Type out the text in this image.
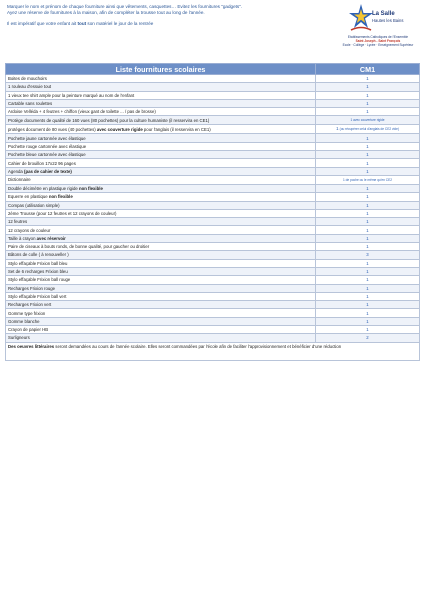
Marquer le nom et prénom de chaque fourniture ainsi que vêtements, casquettes… Evitez les fournitures "gadgets".

Ayez une réserve de fournitures à la maison, afin de compléter la trousse tout au long de l'année.

Il est impératif que votre enfant ait tout son matériel le jour de la rentrée

La Salle
Hautes les Bains
Etablissements Catholiques de l'Ensemble
Saint Joseph - Saint François
Ecole · Collège · Lycée · Enseignement Supérieur
Liste fournitures scolaires	CM1
Boites de mouchoirs	1
1 rouleau d'essuie tout	1
1 vieux tee shirt ample pour la peinture marqué au nom de l'enfant	1
Cartable sans roulettes	1
Ardoise Velléda + 4 feutres + chiffon (vieux gant de toilette ... / pas de brosse)	1
Protège documents de qualité de 160 vues (80 pochettes) pour la culture humaniste (il resservira en CE1)	1 avec couverture rigide
protèges document de 80 vues (40 pochettes) avec couverture rigide pour l'anglais (il resservira en CE1)	1 (ou récupérer celui d'anglais de CE2 vide)
Pochette jaune cartonnée avec élastique	1
Pochette rouge cartonnée avec élastique	1
Pochette bleue cartonnée avec élastique	1
Cahier de brouillon 17x22 96 pages	1
Agenda (pas de cahier de texte)	1
Dictionnaire	1 de poche ou le même qu'en CE2
Double décimètre en plastique rigide non flexible	1
Equerre en plastique non flexible	1
Compas (utilisation simple)	1
2ème Trousse (pour 12 feutres et 12 crayons de couleur)	1
12 feutres	1
12 crayons de couleur	1
Taille à crayon avec réservoir	1
Paire de ciseaux à bouts ronds, de bonne qualité, pour gaucher ou droitier	1
Bâtons de colle ( à renouveller )	3
Stylo effaçable Frixion ball bleu	1
Set de 6 recharges Frixion bleu	1
Stylo effaçable Frixion ball rouge	1
Recharges Frixion rouge	1
Stylo effaçable Frixion ball vert	1
Recharges Frixion vert	1
Gomme type frixion	1
Gomme blanche	1
Crayon de papier HB	1
Surligneurs	2
Des oeuvres littéraires seront demandées au cours de l'année scolaire. Elles seront commandées par l'école afin de faciliter l'approvisionnement et bénéficier d'une réduction	
